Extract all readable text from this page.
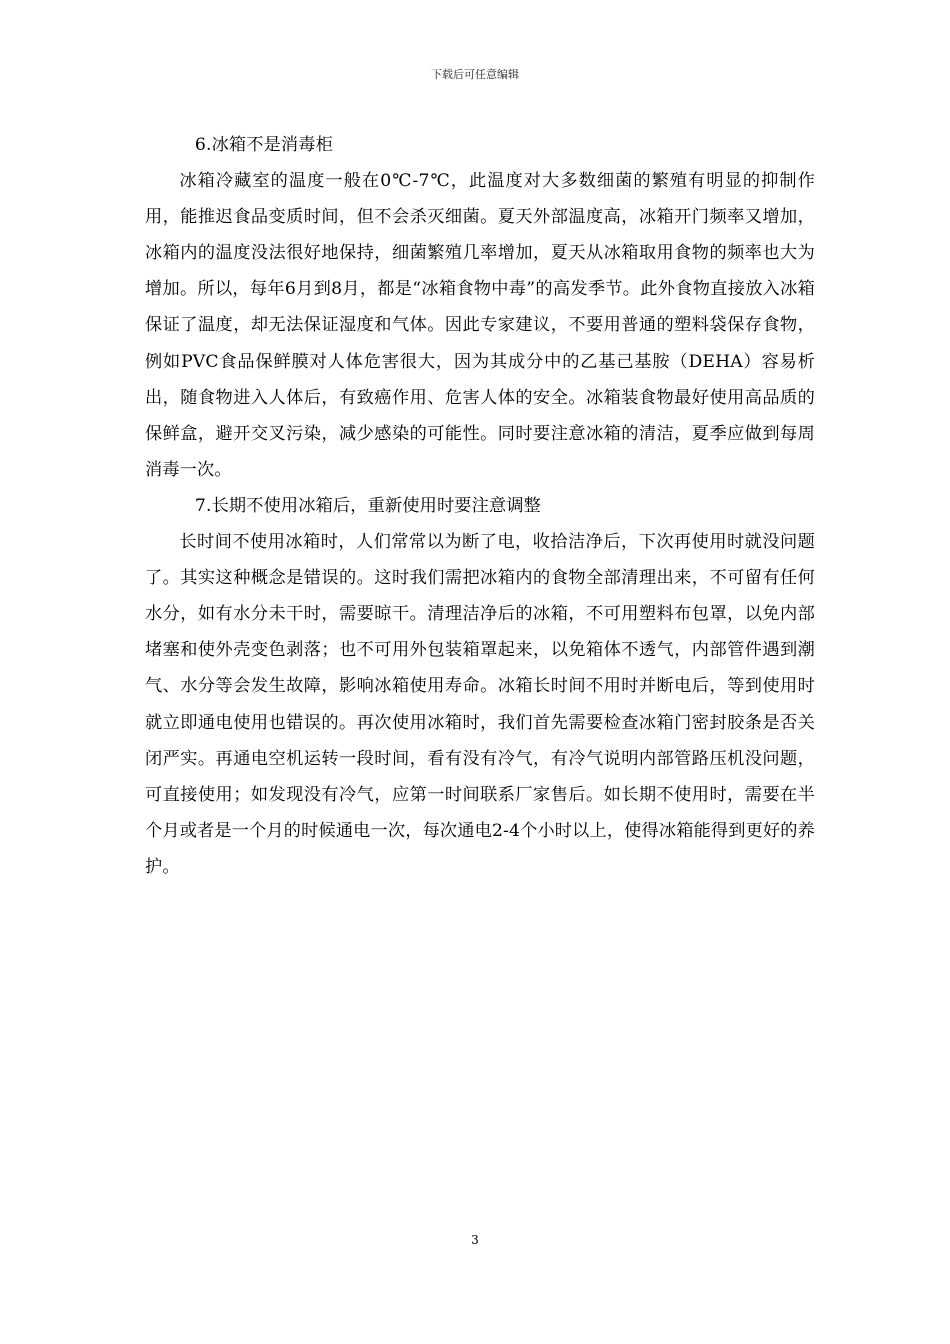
下载后可任意编辑

6.冰箱不是消毒柜

冰箱冷藏室的温度一般在0℃-7℃，此温度对大多数细菌的繁殖有明显的抑制作用，能推迟食品变质时间，但不会杀灭细菌。夏天外部温度高，冰箱开门频率又增加，冰箱内的温度没法很好地保持，细菌繁殖几率增加，夏天从冰箱取用食物的频率也大为增加。所以，每年6月到8月，都是“冰箱食物中毒”的高发季节。此外食物直接放入冰箱保证了温度，却无法保证湿度和气体。因此专家建议，不要用普通的塑料袋保存食物，例如PVC食品保鲜膜对人体危害很大，因为其成分中的乙基己基胺（DEHA）容易析出，随食物进入人体后，有致癌作用、危害人体的安全。冰箱装食物最好使用高品质的保鲜盒，避开交叉污染，减少感染的可能性。同时要注意冰箱的清洁，夏季应做到每周消毒一次。

7.长期不使用冰箱后，重新使用时要注意调整

长时间不使用冰箱时，人们常常以为断了电，收拾洁净后，下次再使用时就没问题了。其实这种概念是错误的。这时我们需把冰箱内的食物全部清理出来，不可留有任何水分，如有水分未干时，需要晾干。清理洁净后的冰箱，不可用塑料布包罩，以免内部堵塞和使外壳变色剥落；也不可用外包装箱罩起来，以免箱体不透气，内部管件遇到潮气、水分等会发生故障，影响冰箱使用寿命。冰箱长时间不用时并断电后，等到使用时就立即通电使用也错误的。再次使用冰箱时，我们首先需要检查冰箱门密封胶条是否关闭严实。再通电空机运转一段时间，看有没有冷气，有冷气说明内部管路压机没问题，可直接使用；如发现没有冷气，应第一时间联系厂家售后。如长期不使用时，需要在半个月或者是一个月的时候通电一次，每次通电2-4个小时以上，使得冰箱能得到更好的养护。

3
